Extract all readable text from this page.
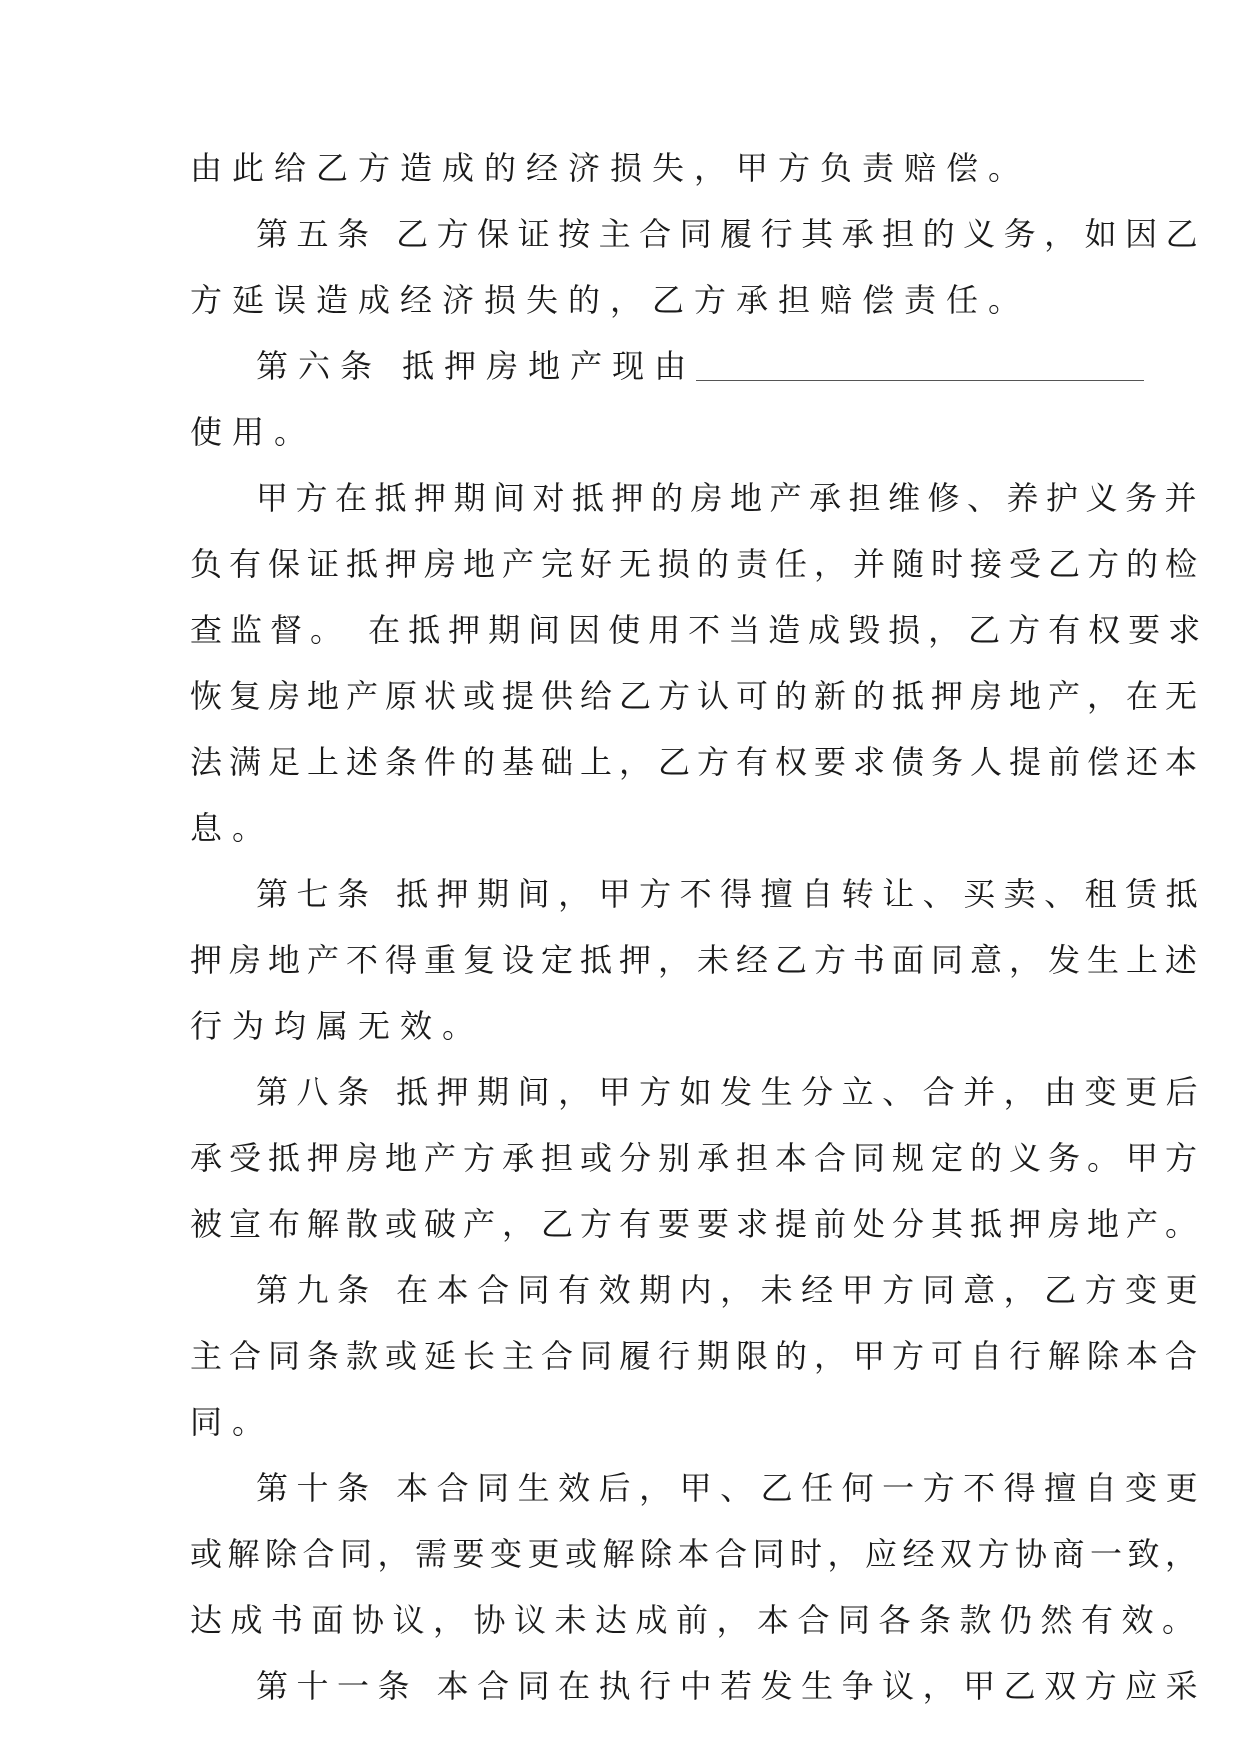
由此给乙方造成的经济损失，甲方负责赔偿。
第五条 乙方保证按主合同履行其承担的义务，如因乙
方延误造成经济损失的，乙方承担赔偿责任。
第六条 抵押房地产现由
使用。
甲方在抵押期间对抵押的房地产承担维修、养护义务并
负有保证抵押房地产完好无损的责任，并随时接受乙方的检
查监督。 在抵押期间因使用不当造成毁损，乙方有权要求
恢复房地产原状或提供给乙方认可的新的抵押房地产，在无
法满足上述条件的基础上，乙方有权要求债务人提前偿还本
息。
第七条 抵押期间，甲方不得擅自转让、买卖、租赁抵
押房地产不得重复设定抵押，未经乙方书面同意，发生上述
行为均属无效。
第八条 抵押期间，甲方如发生分立、合并，由变更后
承受抵押房地产方承担或分别承担本合同规定的义务。甲方
被宣布解散或破产，乙方有要要求提前处分其抵押房地产。
第九条 在本合同有效期内，未经甲方同意，乙方变更
主合同条款或延长主合同履行期限的，甲方可自行解除本合
同。
第十条 本合同生效后，甲、乙任何一方不得擅自变更
或解除合同，需要变更或解除本合同时，应经双方协商一致，
达成书面协议，协议未达成前，本合同各条款仍然有效。
第十一条 本合同在执行中若发生争议，甲乙双方应采
